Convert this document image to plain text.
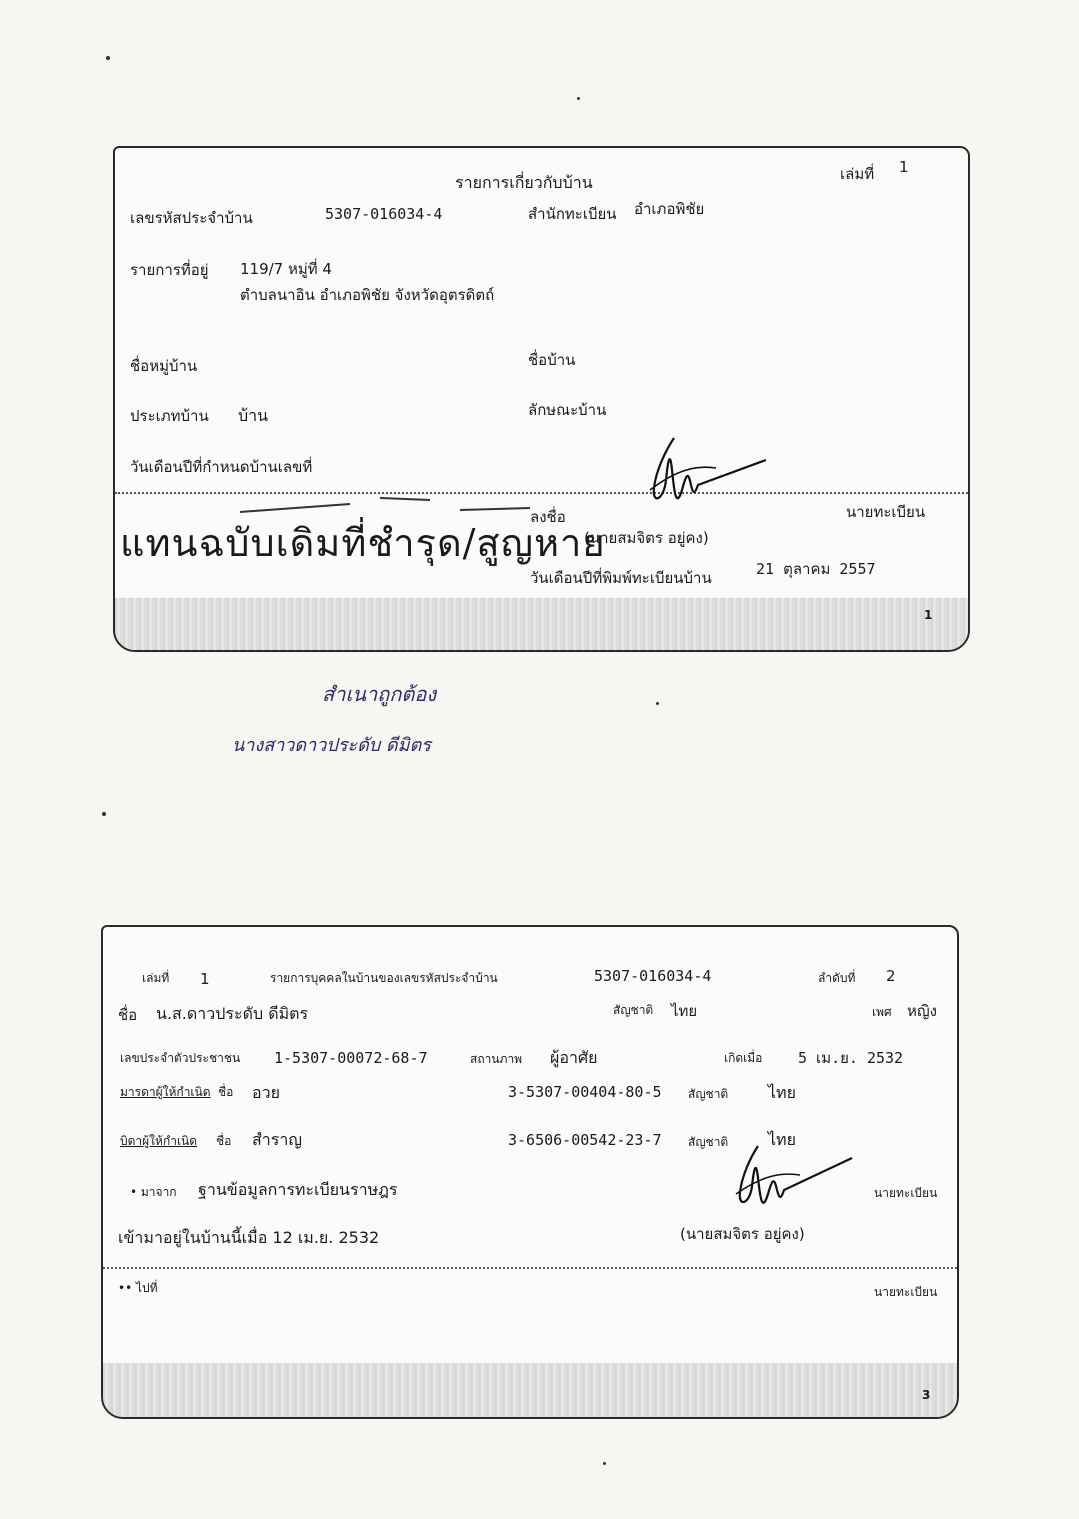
รายการเกี่ยวกับบ้าน	เล่มที่ 1
เลขรหัสประจำบ้าน	5307-016034-4	สำนักทะเบียน อำเภอพิชัย
รายการที่อยู่ 119/7 หมู่ที่ 4
ตำบลนาอิน อำเภอพิชัย จังหวัดอุตรดิตถ์
ชื่อหมู่บ้าน	ชื่อบ้าน
ประเภทบ้าน บ้าน	ลักษณะบ้าน
วันเดือนปีที่กำหนดบ้านเลขที่
ลงชื่อ	นายทะเบียน
แทนฉบับเดิมที่ชำรุด/สูญหาย
(นายสมจิตร อยู่คง)
วันเดือนปีที่พิมพ์ทะเบียนบ้าน	21 ตุลาคม 2557
1
สำเนาถูกต้อง
นางสาวดาวประดับ ดีมิตร
เล่มที่ 1	รายการบุคคลในบ้านของเลขรหัสประจำบ้าน	5307-016034-4	ลำดับที่ 2
ชื่อ น.ส.ดาวประดับ ดีมิตร	สัญชาติ ไทย	เพศ หญิง
เลขประจำตัวประชาชน 1-5307-00072-68-7	สถานภาพ ผู้อาศัย	เกิดเมื่อ 5 เม.ย. 2532
มารดาผู้ให้กำเนิด ชื่อ อวย	3-5307-00404-80-5 สัญชาติ ไทย
บิดาผู้ให้กำเนิด ชื่อ สำราญ	3-6506-00542-23-7 สัญชาติ ไทย
• มาจาก ฐานข้อมูลการทะเบียนราษฎร	นายทะเบียน
เข้ามาอยู่ในบ้านนี้เมื่อ 12 เม.ย. 2532	(นายสมจิตร อยู่คง)
•• ไปที่	นายทะเบียน
3
